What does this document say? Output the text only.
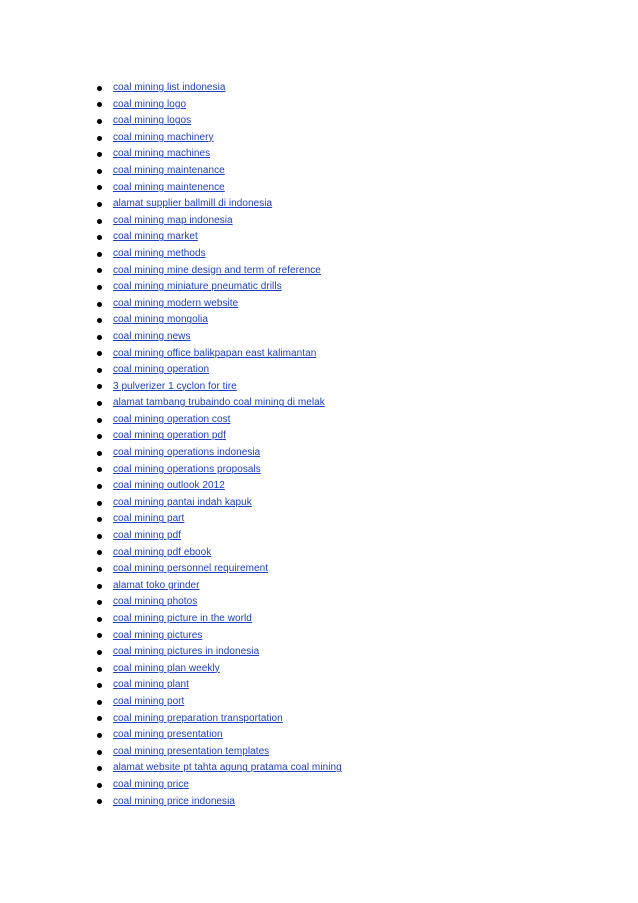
coal mining list indonesia
coal mining logo
coal mining logos
coal mining machinery
coal mining machines
coal mining maintenance
coal mining maintenence
alamat supplier ballmill di indonesia
coal mining map indonesia
coal mining market
coal mining methods
coal mining mine design and term of reference
coal mining miniature pneumatic drills
coal mining modern website
coal mining mongolia
coal mining news
coal mining office balikpapan east kalimantan
coal mining operation
3 pulverizer 1 cyclon for tire
alamat tambang trubaindo coal mining di melak
coal mining operation cost
coal mining operation pdf
coal mining operations indonesia
coal mining operations proposals
coal mining outlook 2012
coal mining pantai indah kapuk
coal mining part
coal mining pdf
coal mining pdf ebook
coal mining personnel requirement
alamat toko grinder
coal mining photos
coal mining picture in the world
coal mining pictures
coal mining pictures in indonesia
coal mining plan weekly
coal mining plant
coal mining port
coal mining preparation transportation
coal mining presentation
coal mining presentation templates
alamat website pt tahta agung pratama coal mining
coal mining price
coal mining price indonesia
